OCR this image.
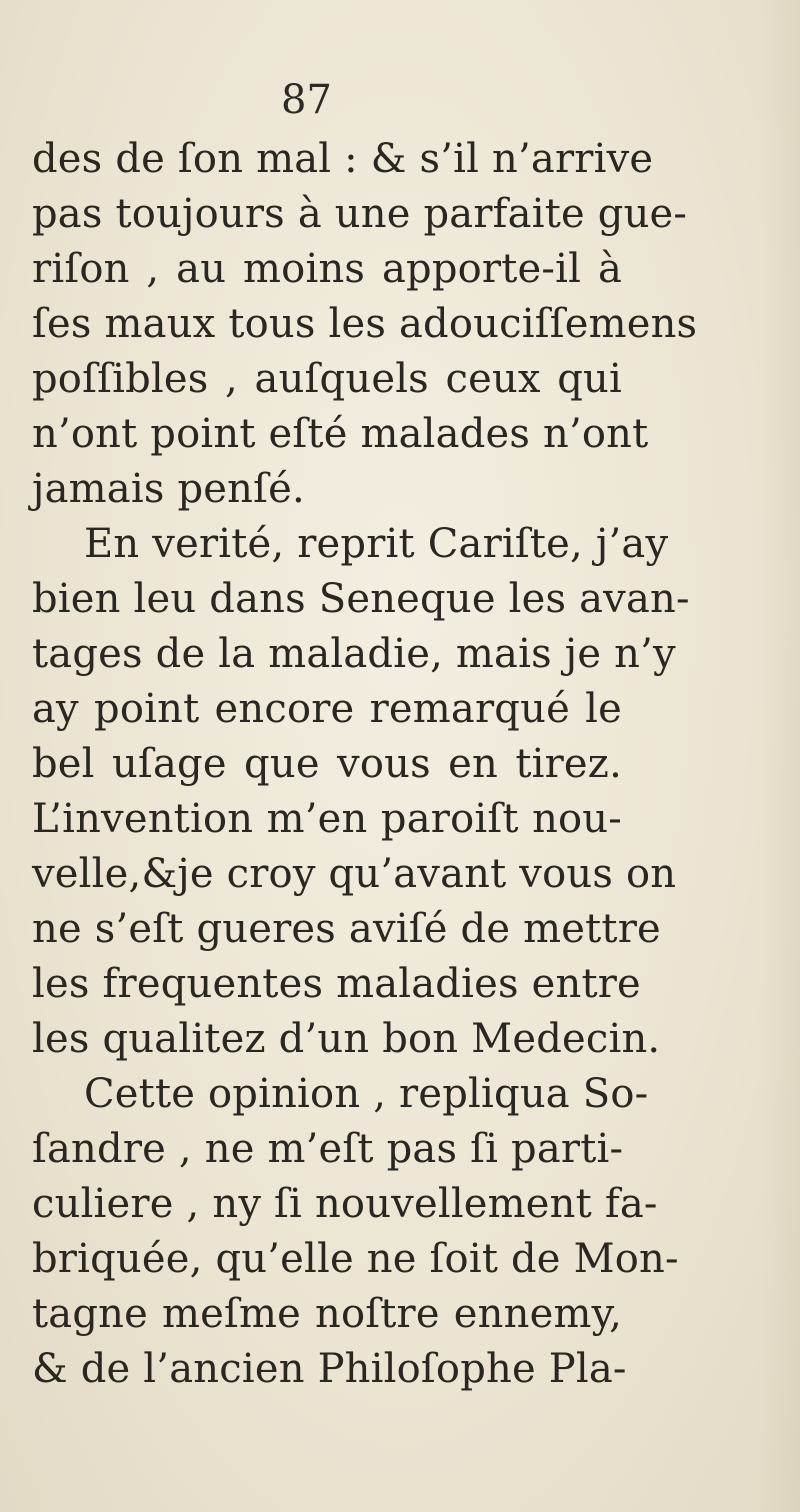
87
des de ſon mal : & s’il n’arrive
pas toujours à une parfaite gue-
riſon , au moins apporte-il à
ſes maux tous les adouciſſemens
poſſibles , auſquels ceux qui
n’ont point eſté malades n’ont
jamais penſé.
En verité, reprit Cariſte, j’ay
bien leu dans Seneque les avan-
tages de la maladie, mais je n’y
ay point encore remarqué le
bel uſage que vous en tirez.
L’invention m’en paroiſt nou-
velle,&je croy qu’avant vous on
ne s’eſt gueres aviſé de mettre
les frequentes maladies entre
les qualitez d’un bon Medecin.
Cette opinion , repliqua So-
ſandre , ne m’eſt pas ſi parti-
culiere , ny ſi nouvellement fa-
briquée, qu’elle ne ſoit de Mon-
tagne meſme noſtre ennemy,
& de l’ancien Philoſophe Pla-
